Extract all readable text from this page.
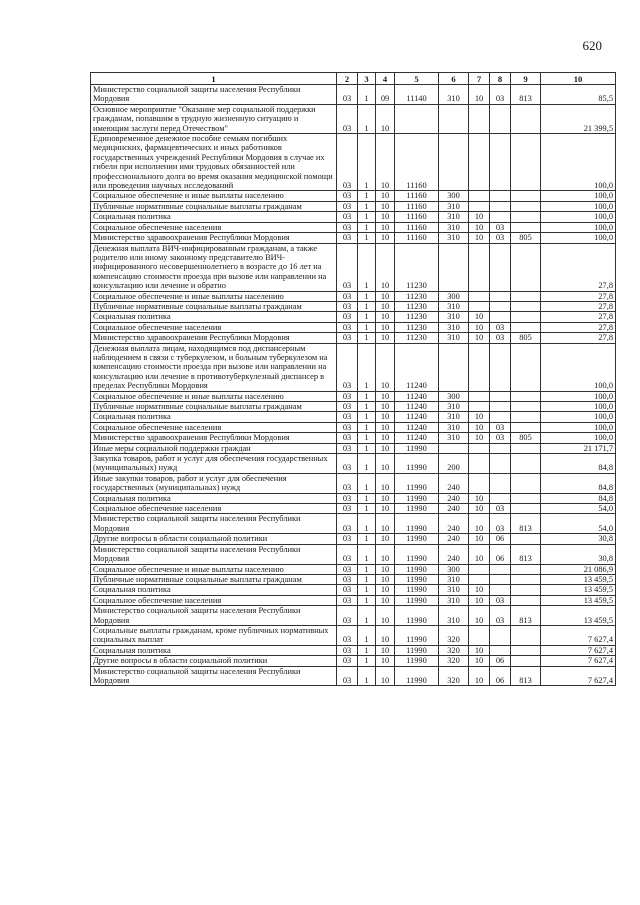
620
1	2	3	4	5	6	7	8	9	10
Министерство социальной защиты населения Республики Мордовия	03	1	09	11140	310	10	03	813	85,5
Основное мероприятие "Оказание мер социальной поддержки гражданам, попавшим в трудную жизненную ситуацию и имеющим заслуги перед Отечеством"	03	1	10						21 399,5
Единовременное денежное пособие семьям погибших медицинских, фармацевтических и иных работников государственных учреждений Республики Мордовия в случае их гибели при исполнении ими трудовых обязанностей или профессионального долга во время оказания медицинской помощи или проведения научных исследований	03	1	10	11160					100,0
Социальное обеспечение и иные выплаты населению	03	1	10	11160	300				100,0
Публичные нормативные социальные выплаты гражданам	03	1	10	11160	310				100,0
Социальная политика	03	1	10	11160	310	10			100,0
Социальное обеспечение населения	03	1	10	11160	310	10	03		100,0
Министерство здравоохранения Республики Мордовия	03	1	10	11160	310	10	03	805	100,0
Денежная выплата ВИЧ-инфицированным гражданам, а также родителю или иному законному представителю ВИЧ-инфицированного несовершеннолетнего в возрасте до 16 лет на компенсацию стоимости проезда при вызове или направлении на консультацию или лечение и обратно	03	1	10	11230					27,8
Социальное обеспечение и иные выплаты населению	03	1	10	11230	300				27,8
Публичные нормативные социальные выплаты гражданам	03	1	10	11230	310				27,8
Социальная политика	03	1	10	11230	310	10			27,8
Социальное обеспечение населения	03	1	10	11230	310	10	03		27,8
Министерство здравоохранения Республики Мордовия	03	1	10	11230	310	10	03	805	27,8
Денежная выплата лицам, находящимся под диспансерным наблюдением в связи с туберкулезом, и больным туберкулезом на компенсацию стоимости проезда при вызове или направлении на консультацию или лечение в противотуберкулезный диспансер в пределах Республики Мордовия	03	1	10	11240					100,0
Социальное обеспечение и иные выплаты населению	03	1	10	11240	300				100,0
Публичные нормативные социальные выплаты гражданам	03	1	10	11240	310				100,0
Социальная политика	03	1	10	11240	310	10			100,0
Социальное обеспечение населения	03	1	10	11240	310	10	03		100,0
Министерство здравоохранения Республики Мордовия	03	1	10	11240	310	10	03	805	100,0
Иные меры социальной поддержки граждан	03	1	10	11990					21 171,7
Закупка товаров, работ и услуг для обеспечения государственных (муниципальных) нужд	03	1	10	11990	200				84,8
Иные закупки товаров, работ и услуг для обеспечения государственных (муниципальных) нужд	03	1	10	11990	240				84,8
Социальная политика	03	1	10	11990	240	10			84,8
Социальное обеспечение населения	03	1	10	11990	240	10	03		54,0
Министерство социальной защиты населения Республики Мордовия	03	1	10	11990	240	10	03	813	54,0
Другие вопросы в области социальной политики	03	1	10	11990	240	10	06		30,8
Министерство социальной защиты населения Республики Мордовия	03	1	10	11990	240	10	06	813	30,8
Социальное обеспечение и иные выплаты населению	03	1	10	11990	300				21 086,9
Публичные нормативные социальные выплаты гражданам	03	1	10	11990	310				13 459,5
Социальная политика	03	1	10	11990	310	10			13 459,5
Социальное обеспечение населения	03	1	10	11990	310	10	03		13 459,5
Министерство социальной защиты населения Республики Мордовия	03	1	10	11990	310	10	03	813	13 459,5
Социальные выплаты гражданам, кроме публичных нормативных социальных выплат	03	1	10	11990	320				7 627,4
Социальная политика	03	1	10	11990	320	10			7 627,4
Другие вопросы в области социальной политики	03	1	10	11990	320	10	06		7 627,4
Министерство социальной защиты населения Республики Мордовия	03	1	10	11990	320	10	06	813	7 627,4
